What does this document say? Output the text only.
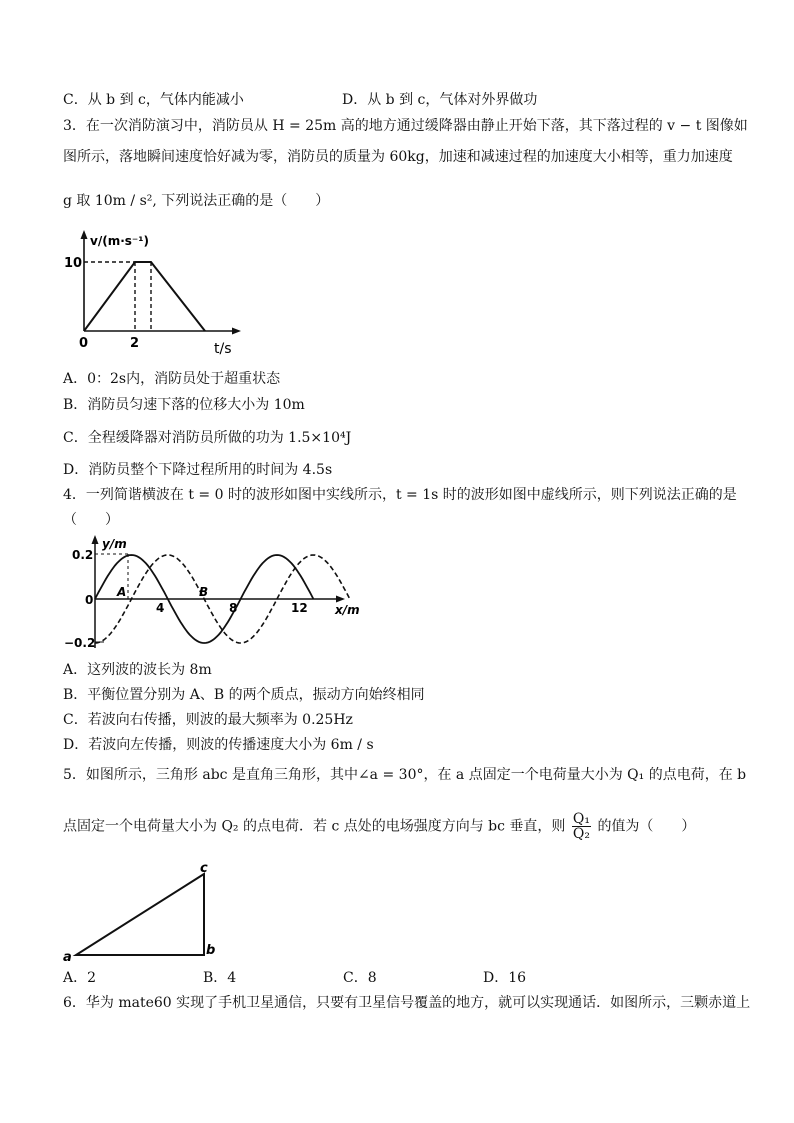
C．从 b 到 c，气体内能减小	D．从 b 到 c，气体对外界做功
3．在一次消防演习中，消防员从 H = 25m 高的地方通过缓降器由静止开始下落，其下落过程的 v − t 图像如
图所示，落地瞬间速度恰好减为零，消防员的质量为 60kg，加速和减速过程的加速度大小相等，重力加速度
g 取 10m / s², 下列说法正确的是（　　）
v/(m·s⁻¹)
10
0	2	t/s
A．0：2s内，消防员处于超重状态
B．消防员匀速下落的位移大小为 10m
C．全程缓降器对消防员所做的功为 1.5×10⁴J
D．消防员整个下降过程所用的时间为 4.5s
4．一列简谐横波在 t = 0 时的波形如图中实线所示，t = 1s 时的波形如图中虚线所示，则下列说法正确的是
（　　）
y/m
0.2
0
−0.2
A	B
4	8	12 x/m
A．这列波的波长为 8m
B．平衡位置分别为 A、B 的两个质点，振动方向始终相同
C．若波向右传播，则波的最大频率为 0.25Hz
D．若波向左传播，则波的传播速度大小为 6m / s
5．如图所示，三角形 abc 是直角三角形，其中∠a = 30°，在 a 点固定一个电荷量大小为 Q₁ 的点电荷，在 b
点固定一个电荷量大小为 Q₂ 的点电荷．若 c 点处的电场强度方向与 bc 垂直，则 $\frac{\text{Q₁}}{\text{Q₂}}$ 的值为（　　）
a	b
c
A．2	B．4	C．8	D．16
6．华为 mate60 实现了手机卫星通信，只要有卫星信号覆盖的地方，就可以实现通话．如图所示，三颗赤道上
